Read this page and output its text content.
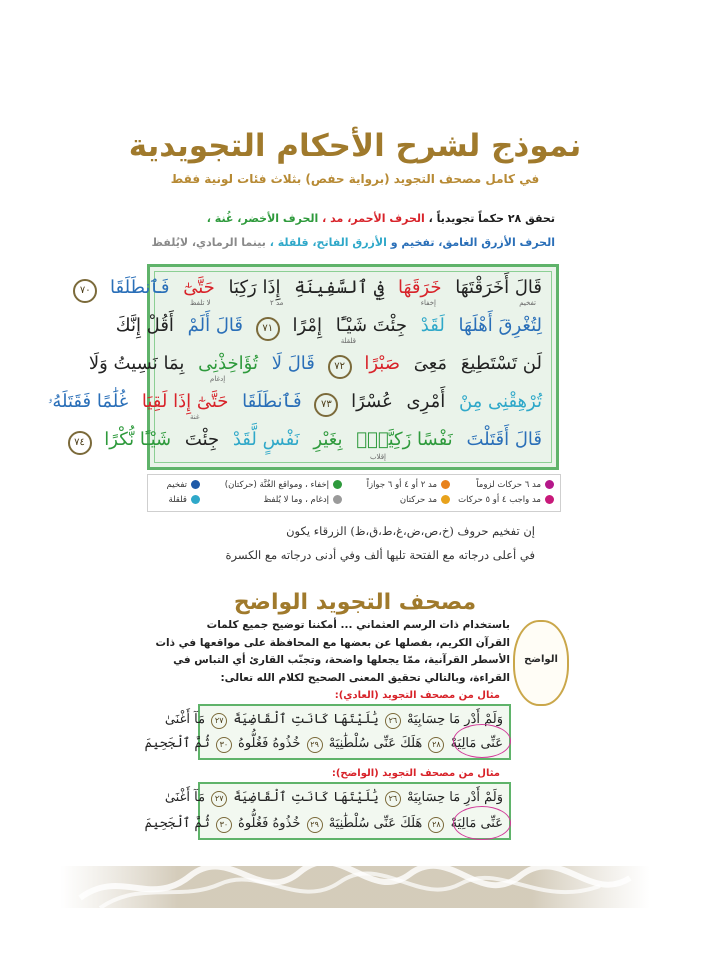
نموذج لشرح الأحكام التجويدية
في كامل مصحف التجويد (برواية حفص) بثلاث فئات لونية فقط
تحقق ٢٨ حكماً تجويدياً ، الحرف الأحمر، مد ، الحرف الأخضر، غُنة ،
الحرف الأزرق الغامق، تفخيم و الأزرق الفاتح، قلقلة ، بينما الرمادي، لايُلفظ
قَالَ أَخَرَقْتَهَا خَرَقَهَا فِي ٱلسَّفِينَةِ إِذَا رَكِبَا حَتَّىٰٓ فَٱنطَلَقَا ٧٠
لِتُغْرِقَ أَهْلَهَا لَقَدْ جِئْتَ شَيْـًٔا إِمْرًا ٧١ قَالَ أَلَمْ أَقُلْ إِنَّكَ
لَن تَسْتَطِيعَ مَعِىَ صَبْرًا ٧٢ قَالَ لَا تُؤَاخِذْنِى بِمَا نَسِيتُ وَلَا
تُرْهِقْنِى مِنْ أَمْرِى عُسْرًا ٧٣ فَٱنطَلَقَا حَتَّىٰٓ إِذَا لَقِيَا غُلَٰمًا فَقَتَلَهُۥ
قَالَ أَقَتَلْتَ نَفْسًا زَكِيَّةًۢ بِغَيْرِ نَفْسٍ لَّقَدْ جِئْتَ شَيْـًٔا نُّكْرًا ٧٤
تفخيم
إخفاء
مد ٢
قلقلة
إدغام
غنة
إقلاب
لا تلفظ
مد ٦ حركات لزوماً
مد ٢ أو ٤ أو ٦ جوازاً
إخفاء ، ومواقع الغُنَّة (حركتان)
تفخيم
مد واجب ٤ أو ٥ حركات
مد حركتان
إدغام ، وما لا يُلفظ
قلقلة
إن تفخيم حروف (خ،ص،ض،غ،ط،ق،ظ) الزرقاء يكون
في أعلى درجاته مع الفتحة تليها ألف وفي أدنى درجاته مع الكسرة
مصحف التجويد الواضح
الواضح
باستخدام ذات الرسم العثماني ... أمكننا توضيح جميع كلمات
القرآن الكريم، بفصلها عن بعضها مع المحافظة على مواقعها في ذات
الأسطر القرآنية، ممّا يجعلها واضحة، وتجنّب القارئ أي التباس في
القراءة، وبالتالي تحقيق المعنى الصحيح لكلام الله تعالى:
مثال من مصحف التجويد (العادي):
وَلَمْ أَدْرِ مَا حِسَابِيَهْ ٢٦ يَٰلَيْتَهَا كَانَتِ ٱلْقَاضِيَةَ ٢٧ مَآ أَغْنَىٰ
عَنِّى مَالِيَهْ ٢٨ هَلَكَ عَنِّى سُلْطَٰنِيَهْ ٢٩ خُذُوهُ فَغُلُّوهُ ٣٠ ثُمَّ ٱلْجَحِيمَ
مثال من مصحف التجويد (الواضح):
وَلَمْ أَدْرِ مَا حِسَابِيَهْ ٢٦ يَٰلَيْتَهَا كَانَتِ ٱلْقَاضِيَةَ ٢٧ مَآ أَغْنَىٰ
عَنِّى مَالِيَهْ ٢٨ هَلَكَ عَنِّى سُلْطَٰنِيَهْ ٢٩ خُذُوهُ فَغُلُّوهُ ٣٠ ثُمَّ ٱلْجَحِيمَ
